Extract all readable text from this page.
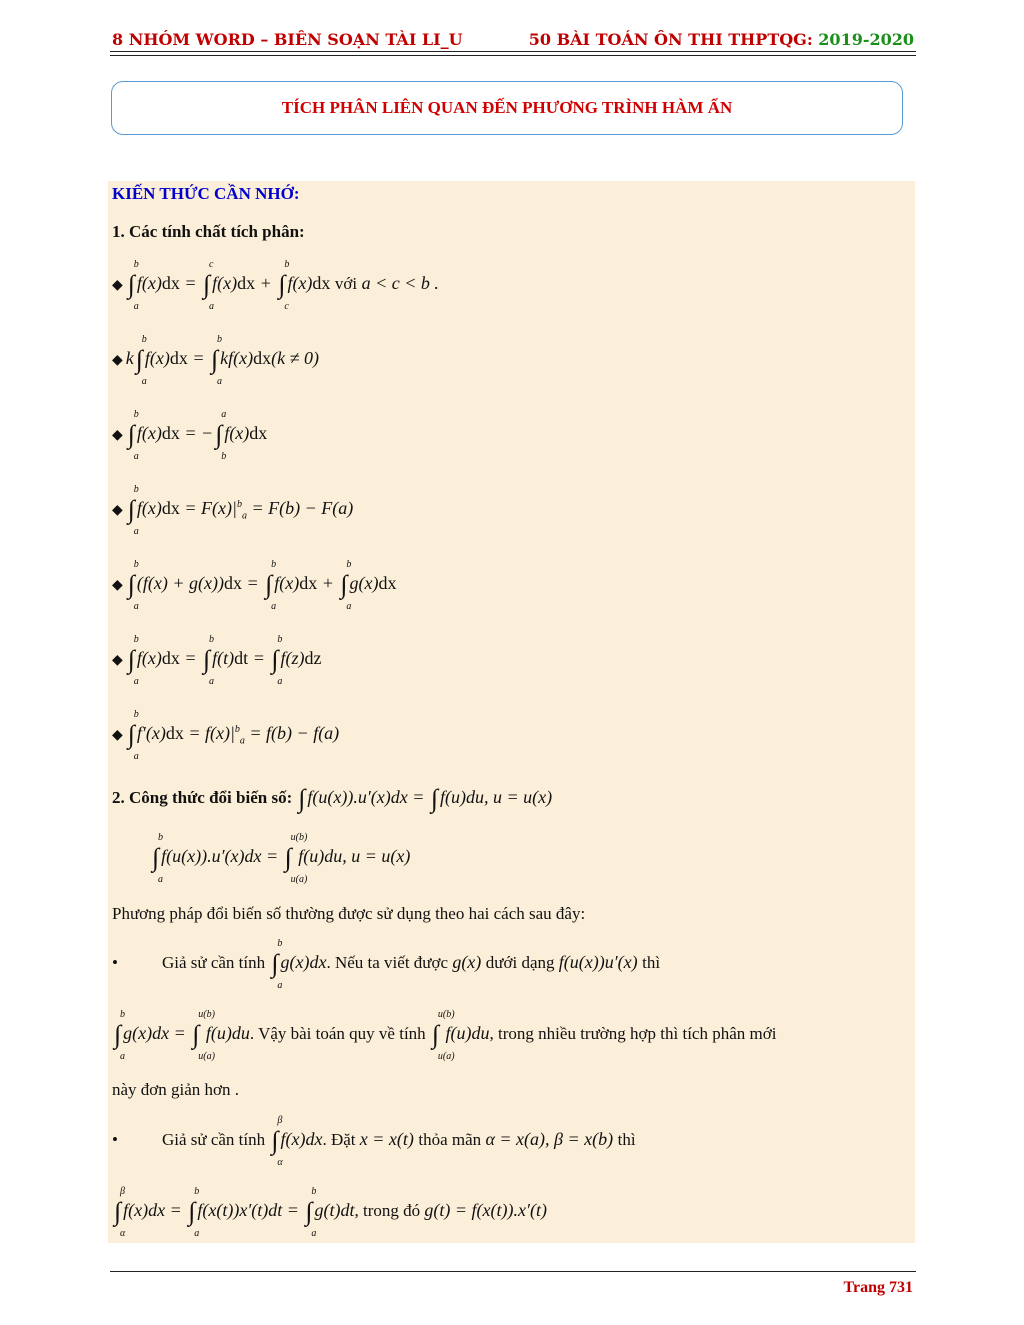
8 NHÓM WORD – BIÊN SOẠN TÀI LI_U	50 BÀI TOÁN ÔN THI THPTQG: 2019-2020
TÍCH PHÂN LIÊN QUAN ĐẾN PHƯƠNG TRÌNH HÀM ẨN
KIẾN THỨC CẦN NHỚ:
1. Các tính chất tích phân:
◆ ∫
b
a
f(x)dx = ∫
c
a
f(x)dx + ∫
b
c
f(x)dx với a < c < b .
◆ k∫
b
a
f(x)dx = ∫
b
a
kf(x)dx(k ≠ 0)
◆ ∫
b
a
f(x)dx = −∫
a
b
f(x)dx
◆ ∫
b
a
$f(x)dx = F(x)|^b_a = F(b) - F(a)$
◆ ∫
b
a
(f(x) + g(x))dx = ∫
b
a
f(x)dx + ∫
b
a
g(x)dx
◆ ∫
b
a
f(x)dx = ∫
b
a
f(t)dt = ∫
b
a
f(z)dz
◆ ∫
b
a
$f'(x)dx = f(x)|^b_a = f(b) - f(a)$
2. Công thức đổi biến số: ∫ f(u(x)).u′(x)dx = ∫ f(u)du, u = u(x)
∫
b
a
f(u(x)).u′(x)dx = ∫
u(b)
u(a)
f(u)du, u = u(x)
Phương pháp đổi biến số thường được sử dụng theo hai cách sau đây:
•	Giả sử cần tính ∫
b
a
g(x)dx. Nếu ta viết được g(x) dưới dạng f(u(x))u′(x) thì
∫
b
a
g(x)dx = ∫
u(b)
u(a)
f(u)du. Vậy bài toán quy về tính ∫
u(b)
u(a)
f(u)du, trong nhiều trường hợp thì tích phân mới
này đơn giản hơn .
•	Giả sử cần tính ∫
β
α
f(x)dx. Đặt x = x(t) thỏa mãn α = x(a), β = x(b) thì
∫
β
α
f(x)dx = ∫
b
a
f(x(t))x′(t)dt = ∫
b
a
g(t)dt, trong đó g(t) = f(x(t)).x′(t)
Trang 731
